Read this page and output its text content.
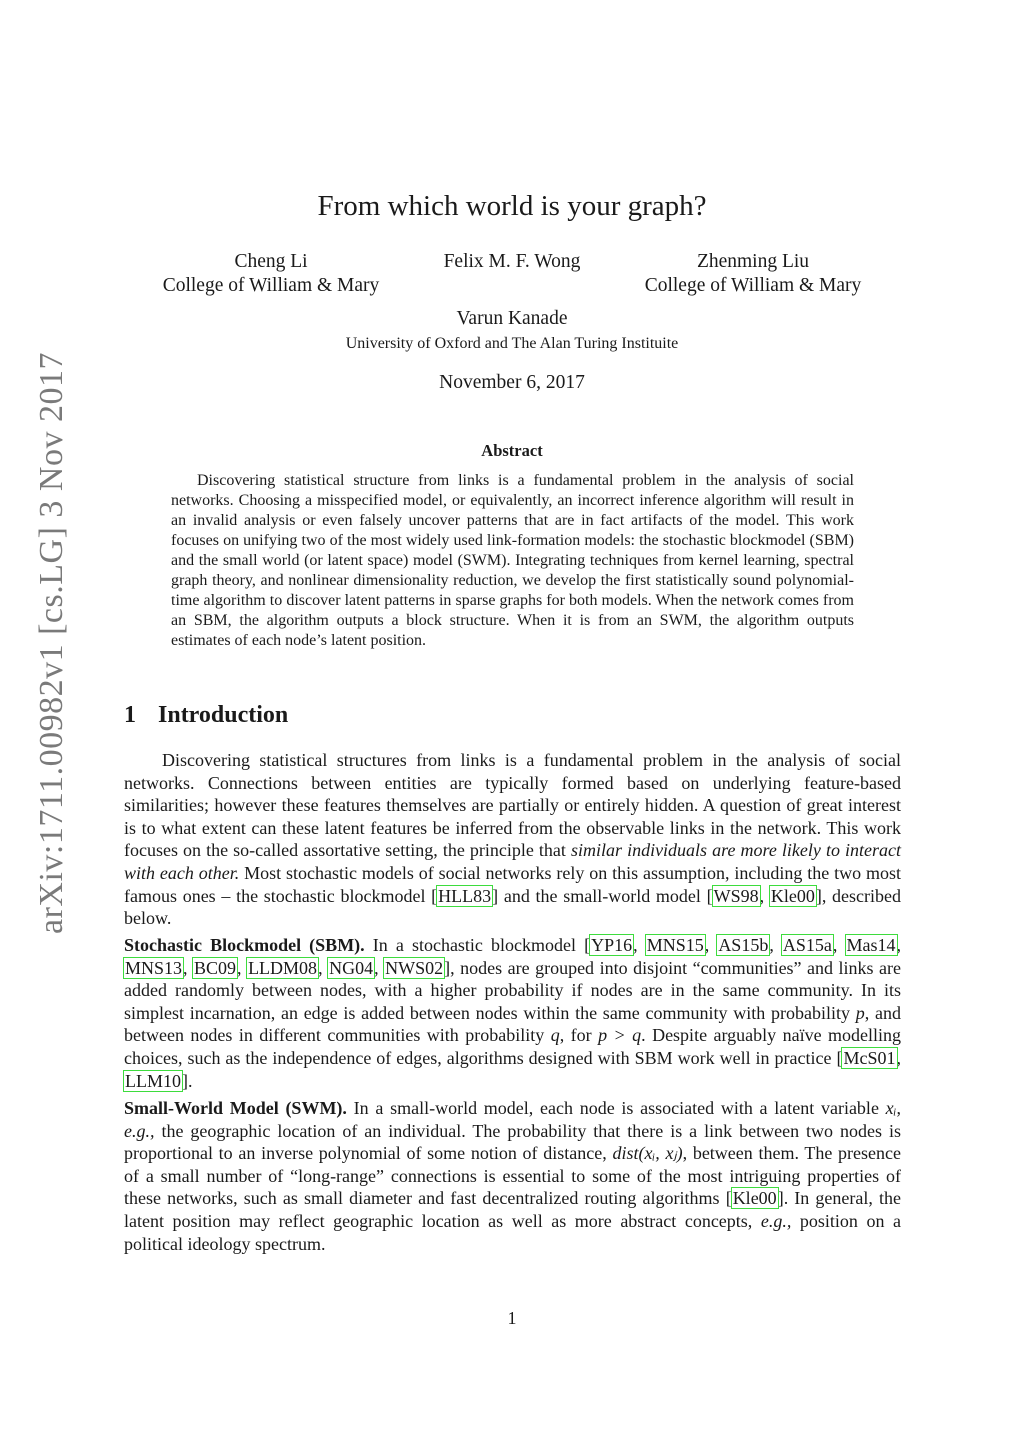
arXiv:1711.00982v1 [cs.LG] 3 Nov 2017
From which world is your graph?
Cheng Li
College of William & Mary
Felix M. F. Wong	Zhenming Liu
College of William & Mary
Varun Kanade
University of Oxford and The Alan Turing Instituite
November 6, 2017
Abstract
Discovering statistical structure from links is a fundamental problem in the analysis of social networks. Choosing a misspecified model, or equivalently, an incorrect inference algorithm will result in an invalid analysis or even falsely uncover patterns that are in fact artifacts of the model. This work focuses on unifying two of the most widely used link-formation models: the stochastic blockmodel (SBM) and the small world (or latent space) model (SWM). Integrating techniques from kernel learning, spectral graph theory, and nonlinear dimensionality reduction, we develop the first statistically sound polynomial-time algorithm to discover latent patterns in sparse graphs for both models. When the network comes from an SBM, the algorithm outputs a block structure. When it is from an SWM, the algorithm outputs estimates of each node’s latent position.
1 Introduction
Discovering statistical structures from links is a fundamental problem in the analysis of social networks. Connections between entities are typically formed based on underlying feature-based similarities; however these features themselves are partially or entirely hidden. A question of great interest is to what extent can these latent features be inferred from the observable links in the network. This work focuses on the so-called assortative setting, the principle that similar individuals are more likely to interact with each other. Most stochastic models of social networks rely on this assumption, including the two most famous ones – the stochastic blockmodel [HLL83] and the small-world model [WS98, Kle00], described below.
Stochastic Blockmodel (SBM). In a stochastic blockmodel [YP16, MNS15, AS15b, AS15a, Mas14, MNS13, BC09, LLDM08, NG04, NWS02], nodes are grouped into disjoint “communities” and links are added randomly between nodes, with a higher probability if nodes are in the same community. In its simplest incarnation, an edge is added between nodes within the same community with probability p, and between nodes in different communities with probability q, for p > q. Despite arguably naïve modelling choices, such as the independence of edges, algorithms designed with SBM work well in practice [McS01, LLM10].
Small-World Model (SWM). In a small-world model, each node is associated with a latent variable xᵢ, e.g., the geographic location of an individual. The probability that there is a link between two nodes is proportional to an inverse polynomial of some notion of distance, dist(xᵢ, xⱼ), between them. The presence of a small number of “long-range” connections is essential to some of the most intriguing properties of these networks, such as small diameter and fast decentralized routing algorithms [Kle00]. In general, the latent position may reflect geographic location as well as more abstract concepts, e.g., position on a political ideology spectrum.
1
